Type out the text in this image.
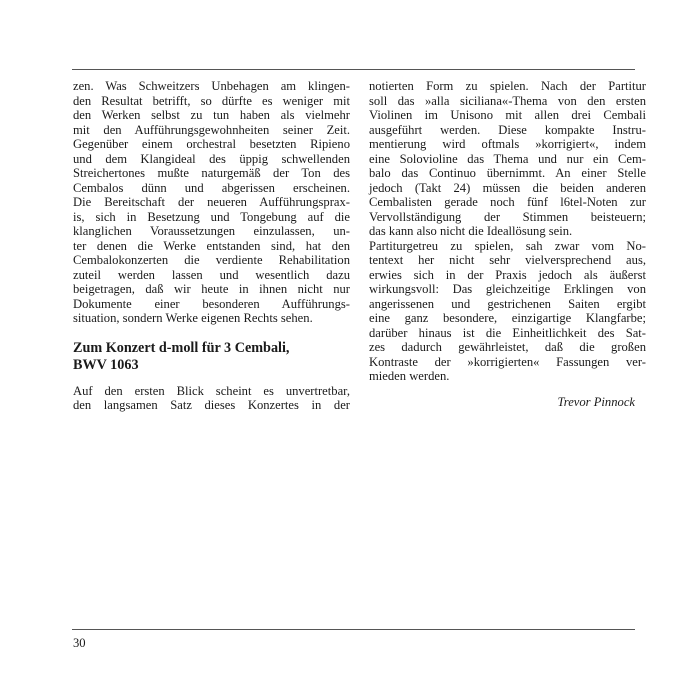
zen. Was Schweitzers Unbehagen am klingen-
den Resultat betrifft, so dürfte es weniger mit
den Werken selbst zu tun haben als vielmehr
mit den Aufführungsgewohnheiten seiner Zeit.
Gegenüber einem orchestral besetzten Ripieno
und dem Klangideal des üppig schwellenden
Streichertones mußte naturgemäß der Ton des
Cembalos dünn und abgerissen erscheinen.
Die Bereitschaft der neueren Aufführungsprax-
is, sich in Besetzung und Tongebung auf die
klanglichen Voraussetzungen einzulassen, un-
ter denen die Werke entstanden sind, hat den
Cembalokonzerten die verdiente Rehabilitation
zuteil werden lassen und wesentlich dazu
beigetragen, daß wir heute in ihnen nicht nur
Dokumente einer besonderen Aufführungs-
situation, sondern Werke eigenen Rechts sehen.
Zum Konzert d-moll für 3 Cembali,
BWV 1063
Auf den ersten Blick scheint es unvertretbar,
den langsamen Satz dieses Konzertes in der
notierten Form zu spielen. Nach der Partitur
soll das »alla siciliana«-Thema von den ersten
Violinen im Unisono mit allen drei Cembali
ausgeführt werden. Diese kompakte Instru-
mentierung wird oftmals »korrigiert«, indem
eine Solovioline das Thema und nur ein Cem-
balo das Continuo übernimmt. An einer Stelle
jedoch (Takt 24) müssen die beiden anderen
Cembalisten gerade noch fünf l6tel-Noten zur
Vervollständigung der Stimmen beisteuern;
das kann also nicht die Ideallösung sein.
Partiturgetreu zu spielen, sah zwar vom No-
tentext her nicht sehr vielversprechend aus,
erwies sich in der Praxis jedoch als äußerst
wirkungsvoll: Das gleichzeitige Erklingen von
angerissenen und gestrichenen Saiten ergibt
eine ganz besondere, einzigartige Klangfarbe;
darüber hinaus ist die Einheitlichkeit des Sat-
zes dadurch gewährleistet, daß die großen
Kontraste der »korrigierten« Fassungen ver-
mieden werden.
Trevor Pinnock
30
